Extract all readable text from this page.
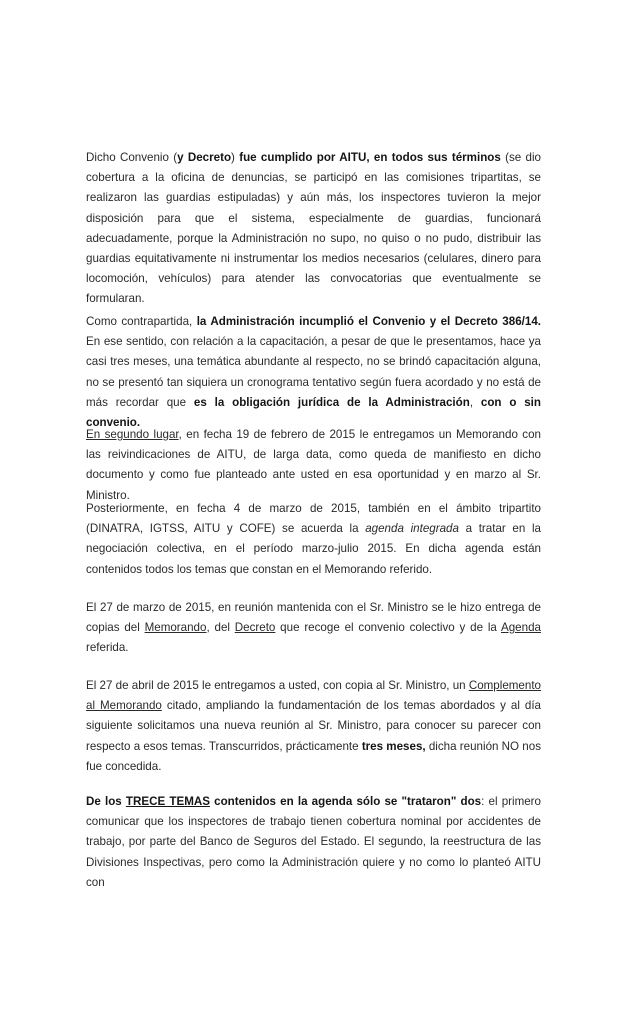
Dicho Convenio (y Decreto) fue cumplido por AITU, en todos sus términos (se dio cobertura a la oficina de denuncias, se participó en las comisiones tripartitas, se realizaron las guardias estipuladas) y aún más, los inspectores tuvieron la mejor disposición para que el sistema, especialmente de guardias, funcionará adecuadamente, porque la Administración no supo, no quiso o no pudo, distribuir las guardias equitativamente ni instrumentar los medios necesarios (celulares, dinero para locomoción, vehículos) para atender las convocatorias que eventualmente se formularan.

Como contrapartida, la Administración incumplió el Convenio y el Decreto 386/14. En ese sentido, con relación a la capacitación, a pesar de que le presentamos, hace ya casi tres meses, una temática abundante al respecto, no se brindó capacitación alguna, no se presentó tan siquiera un cronograma tentativo según fuera acordado y no está de más recordar que es la obligación jurídica de la Administración, con o sin convenio.

En segundo lugar, en fecha 19 de febrero de 2015 le entregamos un Memorando con las reivindicaciones de AITU, de larga data, como queda de manifiesto en dicho documento y como fue planteado ante usted en esa oportunidad y en marzo al Sr. Ministro.

Posteriormente, en fecha 4 de marzo de 2015, también en el ámbito tripartito (DINATRA, IGTSS, AITU y COFE) se acuerda la agenda integrada a tratar en la negociación colectiva, en el período marzo-julio 2015. En dicha agenda están contenidos todos los temas que constan en el Memorando referido.

El 27 de marzo de 2015, en reunión mantenida con el Sr. Ministro se le hizo entrega de copias del Memorando, del Decreto que recoge el convenio colectivo y de la Agenda referida.

El 27 de abril de 2015 le entregamos a usted, con copia al Sr. Ministro, un Complemento al Memorando citado, ampliando la fundamentación de los temas abordados y al día siguiente solicitamos una nueva reunión al Sr. Ministro, para conocer su parecer con respecto a esos temas. Transcurridos, prácticamente tres meses, dicha reunión NO nos fue concedida.

De los TRECE TEMAS contenidos en la agenda sólo se "trataron" dos: el primero comunicar que los inspectores de trabajo tienen cobertura nominal por accidentes de trabajo, por parte del Banco de Seguros del Estado. El segundo, la reestructura de las Divisiones Inspectivas, pero como la Administración quiere y no como lo planteó AITU con
